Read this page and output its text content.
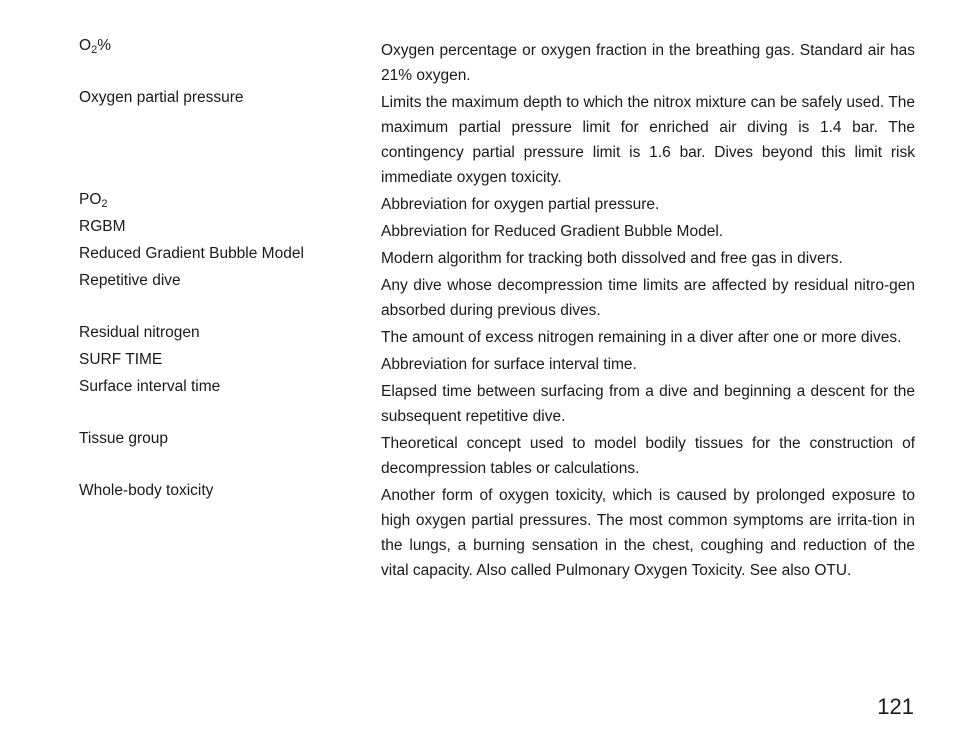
$O_2\%$	Oxygen percentage or oxygen fraction in the breathing gas. Standard air has 21% oxygen.
Oxygen partial pressure	Limits the maximum depth to which the nitrox mixture can be safely used. The maximum partial pressure limit for enriched air diving is 1.4 bar. The contingency partial pressure limit is 1.6 bar. Dives beyond this limit risk immediate oxygen toxicity.
$PO_2$	Abbreviation for oxygen partial pressure.
RGBM	Abbreviation for Reduced Gradient Bubble Model.
Reduced Gradient Bubble Model	Modern algorithm for tracking both dissolved and free gas in divers.
Repetitive dive	Any dive whose decompression time limits are affected by residual nitro-gen absorbed during previous dives.
Residual nitrogen	The amount of excess nitrogen remaining in a diver after one or more dives.
SURF TIME	Abbreviation for surface interval time.
Surface interval time	Elapsed time between surfacing from a dive and beginning a descent for the subsequent repetitive dive.
Tissue group	Theoretical concept used to model bodily tissues for the construction of decompression tables or calculations.
Whole-body toxicity	Another form of oxygen toxicity, which is caused by prolonged exposure to high oxygen partial pressures. The most common symptoms are irrita-tion in the lungs, a burning sensation in the chest, coughing and reduction of the vital capacity. Also called Pulmonary Oxygen Toxicity. See also OTU.
121
